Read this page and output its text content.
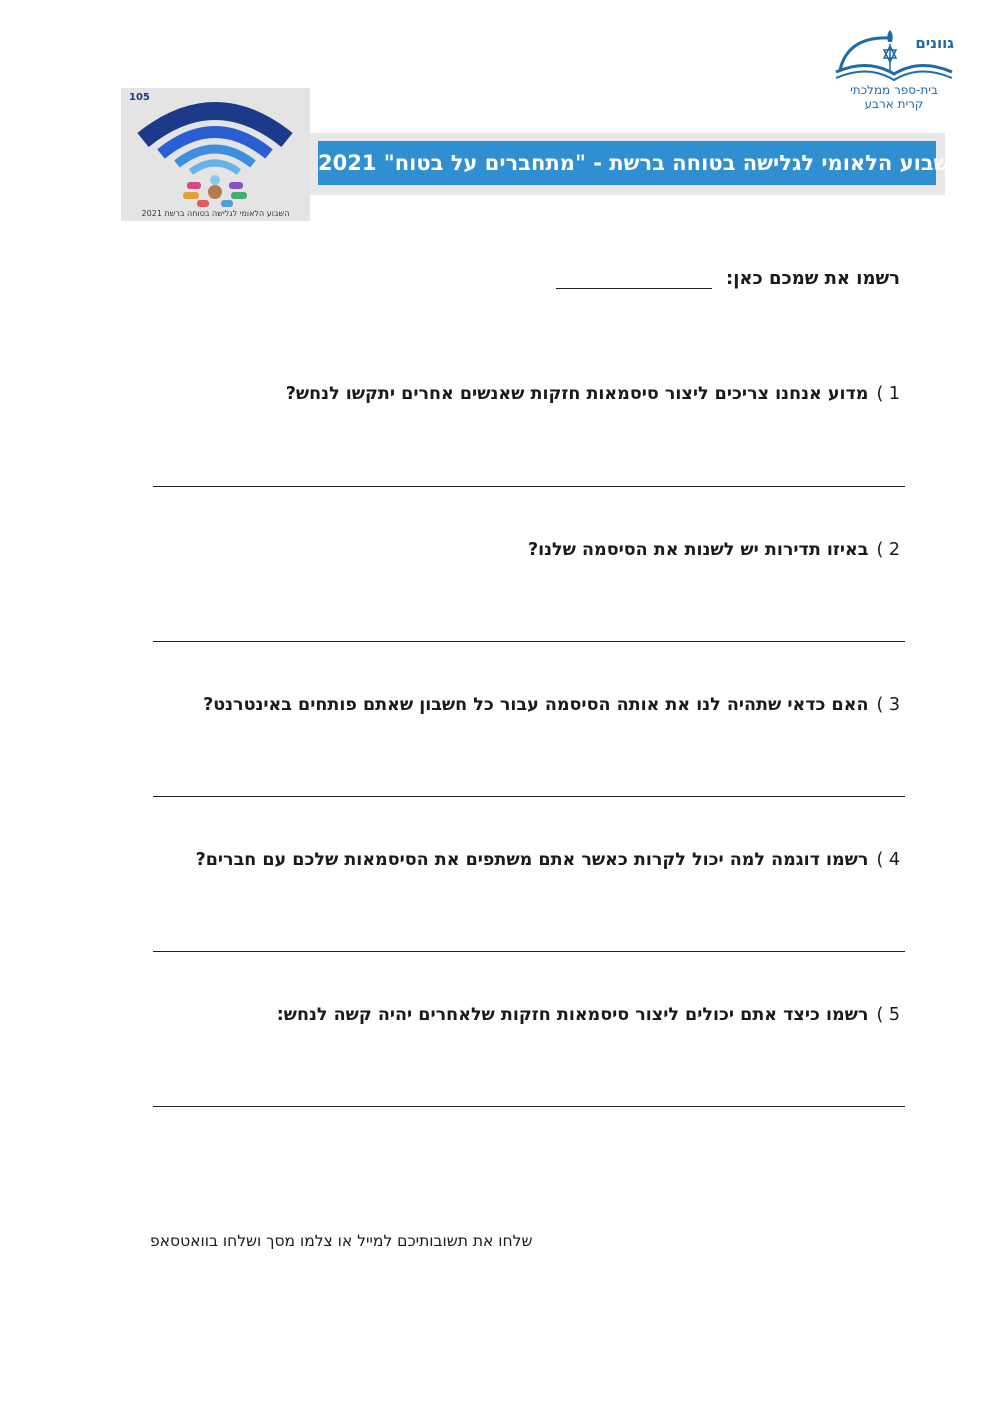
גוונים
בית-ספר ממלכתי
קרית ארבע
105
השבוע הלאומי לגלישה בטוחה ברשת 2021
השבוע הלאומי לגלישה בטוחה ברשת - "מתחברים על בטוח" 2021
רשמו את שמכם כאן:
1 )מדוע אנחנו צריכים ליצור סיסמאות חזקות שאנשים אחרים יתקשו לנחש?
2 )באיזו תדירות יש לשנות את הסיסמה שלנו?
3 )האם כדאי שתהיה לנו את אותה הסיסמה עבור כל חשבון שאתם פותחים באינטרנט?
4 )רשמו דוגמה למה יכול לקרות כאשר אתם משתפים את הסיסמאות שלכם עם חברים?
5 )רשמו כיצד אתם יכולים ליצור סיסמאות חזקות שלאחרים יהיה קשה לנחש:
שלחו את תשובותיכם למייל או צלמו מסך ושלחו בוואטסאפ
